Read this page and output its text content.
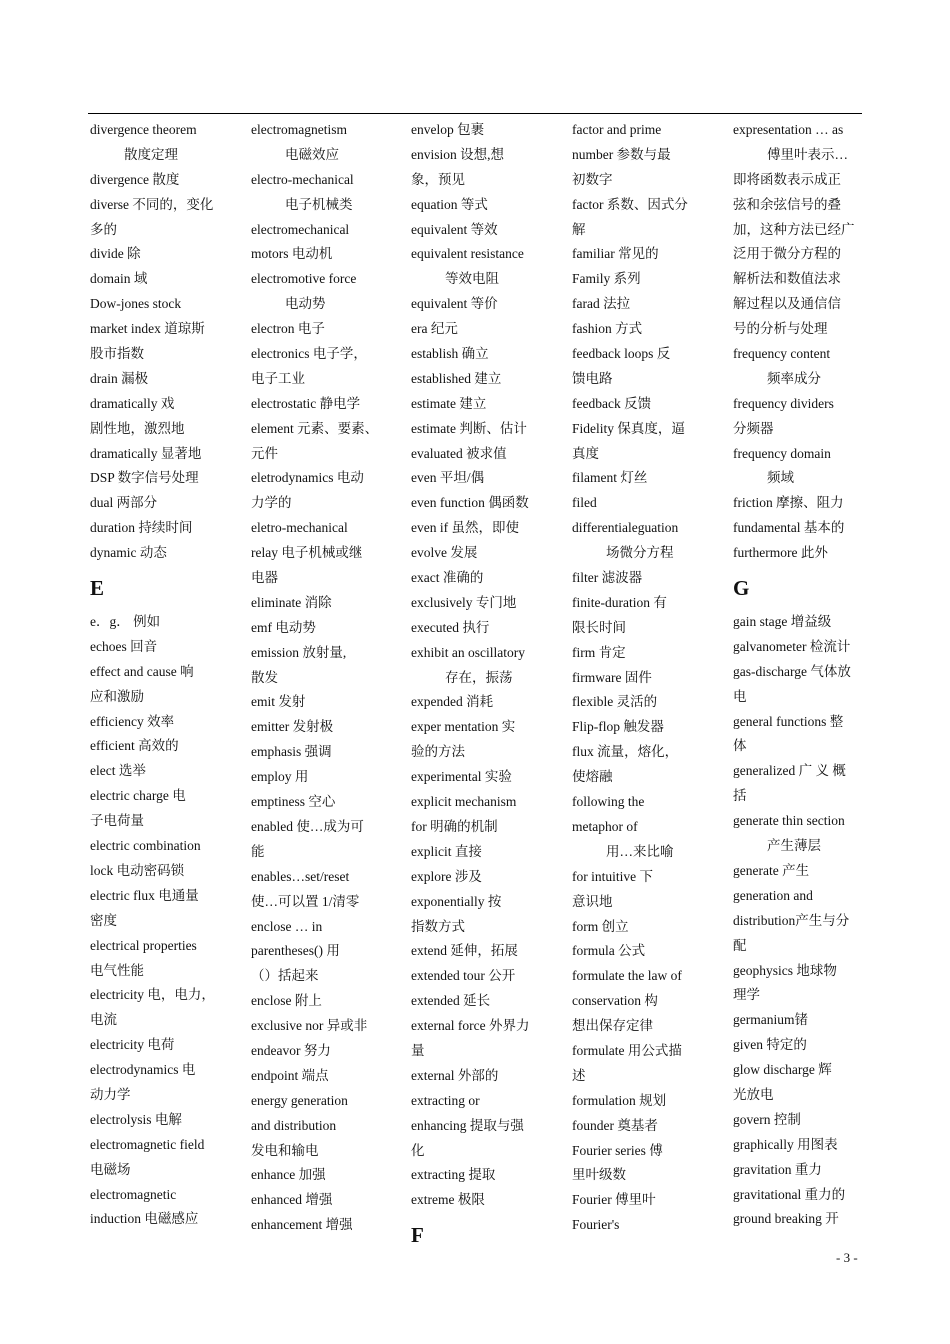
divergence theorem
散度定理
divergence 散度
diverse 不同的，变化
多的
divide 除
domain 域
Dow-jones stock
market index 道琼斯
股市指数
drain 漏极
dramatically 戏
剧性地，激烈地
dramatically 显著地
DSP 数字信号处理
dual 两部分
duration 持续时间
dynamic 动态
E
e．g． 例如
echoes 回音
effect and cause 响
应和激励
efficiency 效率
efficient 高效的
elect 选举
electric charge 电
子电荷量
electric combination
lock 电动密码锁
electric flux 电通量
密度
electrical properties
电气性能
electricity 电，电力，
电流
electricity 电荷
electrodynamics 电
动力学
electrolysis 电解
electromagnetic field
电磁场
electromagnetic
induction 电磁感应
electromagnetism
电磁效应
electro-mechanical
电子机械类
electromechanical
motors 电动机
electromotive force
电动势
electron 电子
electronics 电子学，
电子工业
electrostatic 静电学
element 元素、要素、
元件
eletrodynamics 电动
力学的
eletro-mechanical
relay 电子机械或继
电器
eliminate 消除
emf 电动势
emission 放射量,
散发
emit 发射
emitter 发射极
emphasis 强调
employ 用
emptiness 空心
enabled 使…成为可
能
enables…set/reset
使…可以置 1/清零
enclose … in
parentheses() 用
（）括起来
enclose 附上
exclusive nor 异或非
endeavor 努力
endpoint 端点
energy generation
and distribution
发电和输电
enhance 加强
enhanced 增强
enhancement 增强
envelop 包裹
envision 设想,想
象，预见
equation 等式
equivalent 等效
equivalent resistance
等效电阻
equivalent 等价
era 纪元
establish 确立
established 建立
estimate 建立
estimate 判断、估计
evaluated 被求值
even 平坦/偶
even function 偶函数
even if 虽然，即使
evolve 发展
exact 准确的
exclusively 专门地
executed 执行
exhibit an oscillatory
存在，振荡
expended 消耗
exper mentation 实
验的方法
experimental 实验
explicit mechanism
for 明确的机制
explicit 直接
explore 涉及
exponentially 按
指数方式
extend 延伸，拓展
extended tour 公开
extended 延长
external force 外界力
量
external 外部的
extracting or
enhancing 提取与强
化
extracting 提取
extreme 极限
F
factor and prime
number 参数与最
初数字
factor 系数、因式分
解
familiar 常见的
Family 系列
farad 法拉
fashion 方式
feedback loops 反
馈电路
feedback 反馈
Fidelity 保真度，逼
真度
filament 灯丝
filed
differentialeguation
场微分方程
filter 滤波器
finite-duration 有
限长时间
firm 肯定
firmware 固件
flexible 灵活的
Flip-flop 触发器
flux 流量，熔化，
使熔融
following the
metaphor of
用…来比喻
for intuitive 下
意识地
form 创立
formula 公式
formulate the law of
conservation 构
想出保存定律
formulate 用公式描
述
formulation 规划
founder 奠基者
Fourier series 傅
里叶级数
Fourier 傅里叶
Fourier's
expresentation … as
傅里叶表示…
即将函数表示成正
弦和余弦信号的叠
加，这种方法已经广
泛用于微分方程的
解析法和数值法求
解过程以及通信信
号的分析与处理
frequency content
频率成分
frequency dividers
分频器
frequency domain
频域
friction 摩擦、阻力
fundamental 基本的
furthermore 此外
G
gain stage 增益级
galvanometer 检流计
gas-discharge 气体放
电
general functions 整
体
generalized 广 义 概
括
generate thin section
产生薄层
generate 产生
generation and
distribution产生与分
配
geophysics 地球物
理学
germanium锗
given 特定的
glow discharge 辉
光放电
govern 控制
graphically 用图表
gravitation 重力
gravitational 重力的
ground breaking 开
- 3 -
